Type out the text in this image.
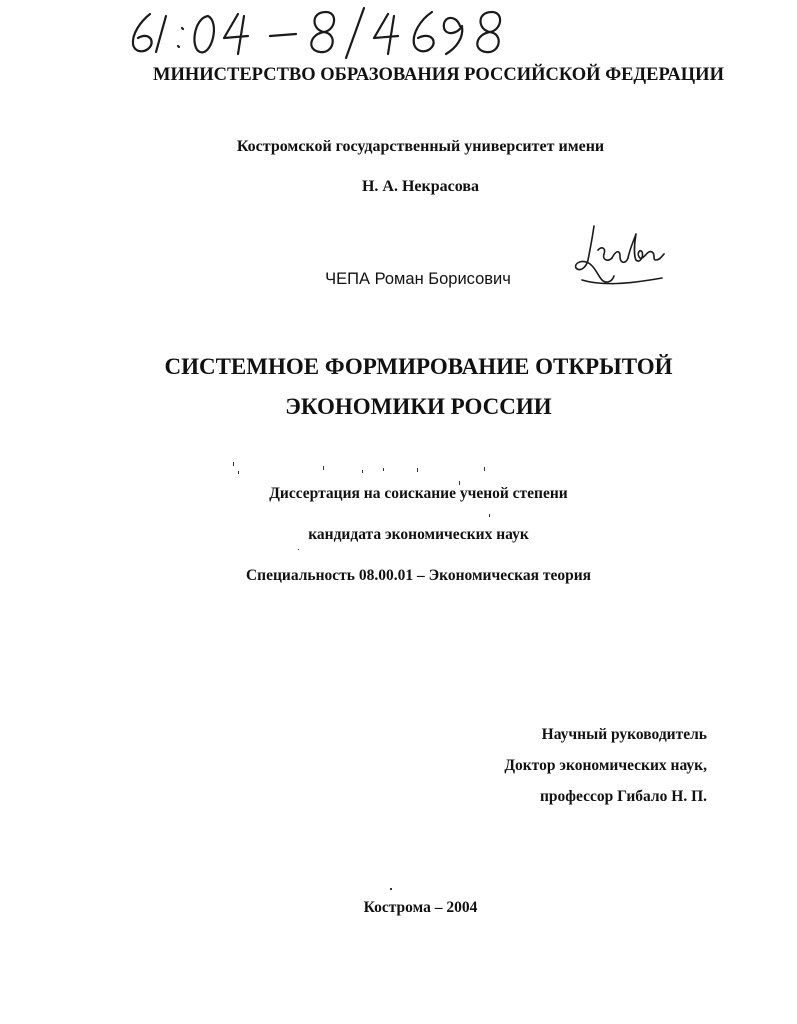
МИНИСТЕРСТВО ОБРАЗОВАНИЯ РОССИЙСКОЙ ФЕДЕРАЦИИ
Костромской государственный университет имени
Н. А. Некрасова
ЧЕПА Роман Борисович
СИСТЕМНОЕ ФОРМИРОВАНИЕ ОТКРЫТОЙ
ЭКОНОМИКИ РОССИИ
Диссертация на соискание ученой степени
кандидата экономических наук
Специальность 08.00.01 – Экономическая теория
Научный руководитель
Доктор экономических наук,
профессор Гибало Н. П.
Кострома – 2004
